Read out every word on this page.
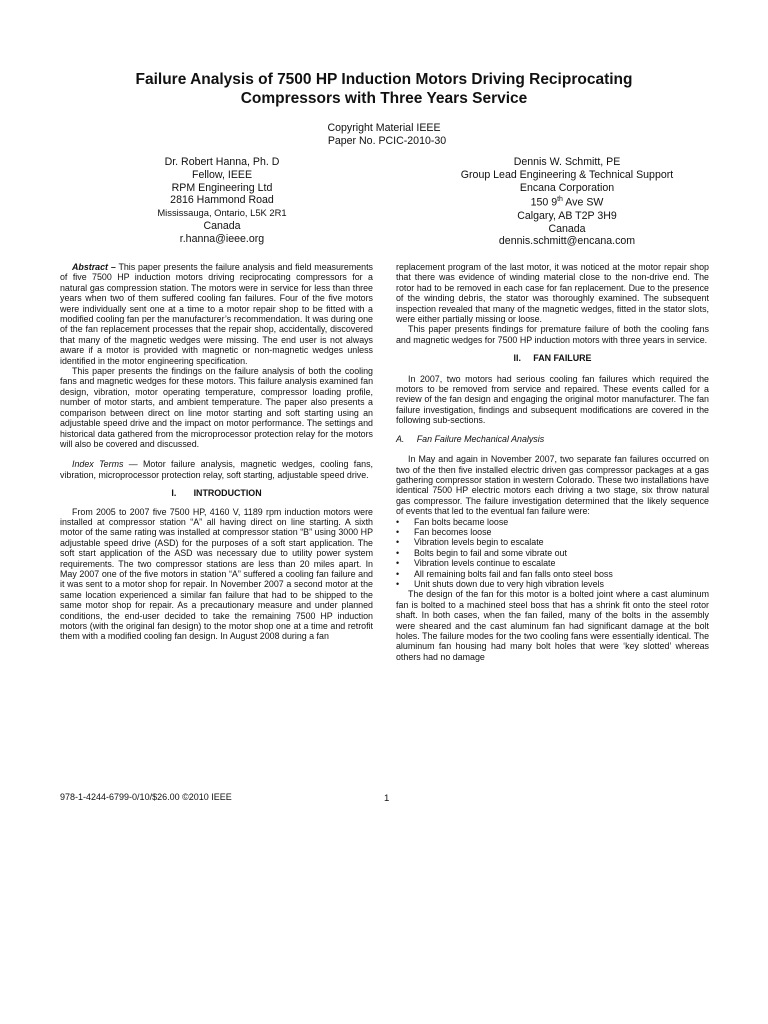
Failure Analysis of 7500 HP Induction Motors Driving Reciprocating
Compressors with Three Years Service
Copyright Material IEEE
Paper No. PCIC-2010-30
Dr. Robert Hanna, Ph. D
Fellow, IEEE
RPM Engineering Ltd
2816 Hammond Road
Mississauga, Ontario, L5K 2R1
Canada
r.hanna@ieee.org
Dennis W. Schmitt, PE
Group Lead Engineering & Technical Support
Encana Corporation
150 9th Ave SW
Calgary, AB T2P 3H9
Canada
dennis.schmitt@encana.com

Abstract – This paper presents the failure analysis and field measurements of five 7500 HP induction motors driving reciprocating compressors for a natural gas compression station. The motors were in service for less than three years when two of them suffered cooling fan failures. Four of the five motors were individually sent one at a time to a motor repair shop to be fitted with a modified cooling fan per the manufacturer’s recommendation. It was during one of the fan replacement processes that the repair shop, accidentally, discovered that many of the magnetic wedges were missing. The end user is not always aware if a motor is provided with magnetic or non-magnetic wedges unless identified in the motor engineering specification.

This paper presents the findings on the failure analysis of both the cooling fans and magnetic wedges for these motors. This failure analysis examined fan design, vibration, motor operating temperature, compressor loading profile, number of motor starts, and ambient temperature. The paper also presents a comparison between direct on line motor starting and soft starting using an adjustable speed drive and the impact on motor performance. The settings and historical data gathered from the microprocessor protection relay for the motors will also be covered and discussed.

Index Terms — Motor failure analysis, magnetic wedges, cooling fans, vibration, microprocessor protection relay, soft starting, adjustable speed drive.

I.       INTRODUCTION

From 2005 to 2007 five 7500 HP, 4160 V, 1189 rpm induction motors were installed at compressor station “A” all having direct on line starting. A sixth motor of the same rating was installed at compressor station “B” using 3000 HP adjustable speed drive (ASD) for the purposes of a soft start application. The soft start application of the ASD was necessary due to utility power system requirements. The two compressor stations are less than 20 miles apart. In May 2007 one of the five motors in station “A” suffered a cooling fan failure and it was sent to a motor shop for repair. In November 2007 a second motor at the same location experienced a similar fan failure that had to be shipped to the same motor shop for repair. As a precautionary measure and under planned conditions, the end-user decided to take the remaining 7500 HP induction motors (with the original fan design) to the motor shop one at a time and retrofit them with a modified cooling fan design. In August 2008 during a fan

replacement program of the last motor, it was noticed at the motor repair shop that there was evidence of winding material close to the non-drive end. The rotor had to be removed in each case for fan replacement. Due to the presence of the winding debris, the stator was thoroughly examined. The subsequent inspection revealed that many of the magnetic wedges, fitted in the stator slots, were either partially missing or loose.

This paper presents findings for premature failure of both the cooling fans and magnetic wedges for 7500 HP induction motors with three years in service.

II.     FAN FAILURE

In 2007, two motors had serious cooling fan failures which required the motors to be removed from service and repaired. These events called for a review of the fan design and engaging the original motor manufacturer. The fan failure investigation, findings and subsequent modifications are covered in the following sub-sections.

A.     Fan Failure Mechanical Analysis

In May and again in November 2007, two separate fan failures occurred on two of the then five installed electric driven gas compressor packages at a gas gathering compressor station in western Colorado. These two installations have identical 7500 HP electric motors each driving a two stage, six throw natural gas compressor. The failure investigation determined that the likely sequence of events that led to the eventual fan failure were:

• Fan bolts became loose
• Fan becomes loose
• Vibration levels begin to escalate
• Bolts begin to fail and some vibrate out
• Vibration levels continue to escalate
• All remaining bolts fail and fan falls onto steel boss
• Unit shuts down due to very high vibration levels

The design of the fan for this motor is a bolted joint where a cast aluminum fan is bolted to a machined steel boss that has a shrink fit onto the steel rotor shaft. In both cases, when the fan failed, many of the bolts in the assembly were sheared and the cast aluminum fan had significant damage at the bolt holes. The failure modes for the two cooling fans were essentially identical. The aluminum fan housing had many bolt holes that were ‘key slotted’ whereas others had no damage

978-1-4244-6799-0/10/$26.00 ©2010 IEEE	1
